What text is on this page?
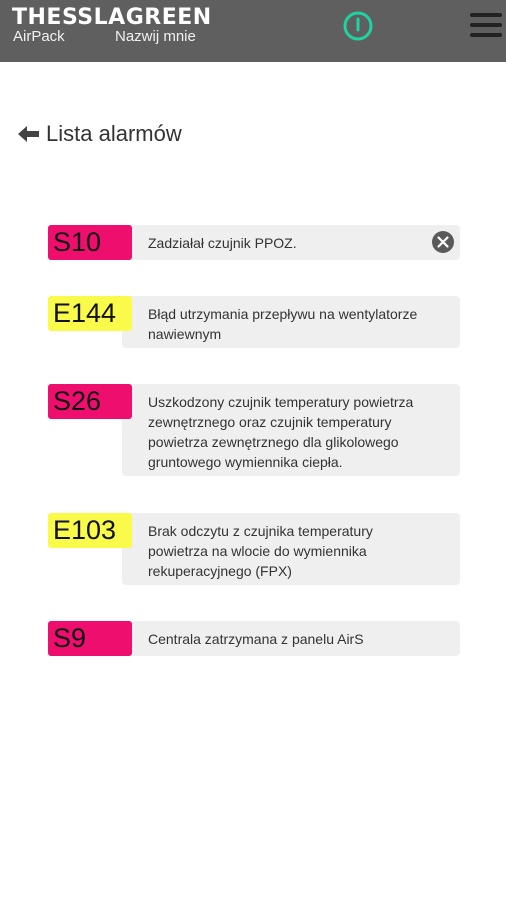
THESSLAGREEN
AirPack	Nazwij mnie
Lista alarmów
S10	Zadziałał czujnik PPOZ.
E144	Błąd utrzymania przepływu na wentylatorze nawiewnym
S26	Uszkodzony czujnik temperatury powietrza zewnętrznego oraz czujnik temperatury powietrza zewnętrznego dla glikolowego gruntowego wymiennika ciepła.
E103	Brak odczytu z czujnika temperatury powietrza na wlocie do wymiennika rekuperacyjnego (FPX)
S9	Centrala zatrzymana z panelu AirS
